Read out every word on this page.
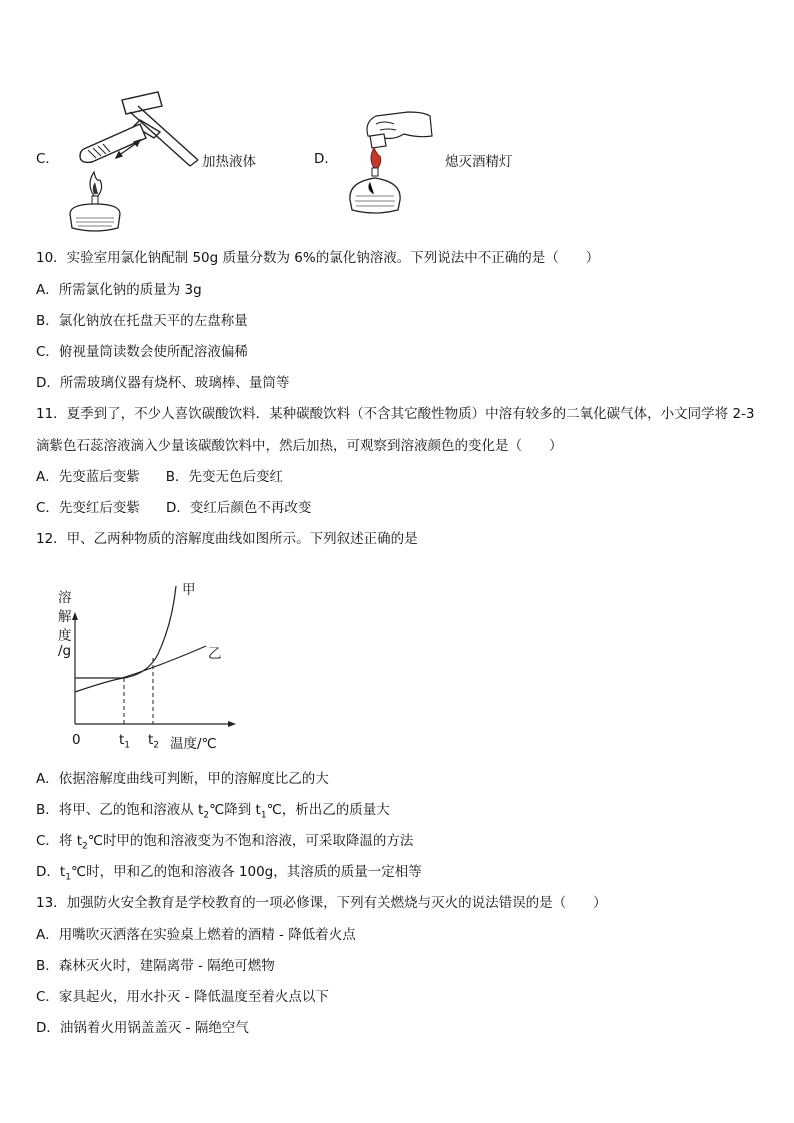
C．	加热液体	D．	熄灭酒精灯
10．实验室用氯化钠配制 50g 质量分数为 6%的氯化钠溶液。下列说法中不正确的是（　　）
A．所需氯化钠的质量为 3g
B．氯化钠放在托盘天平的左盘称量
C．俯视量筒读数会使所配溶液偏稀
D．所需玻璃仪器有烧杯、玻璃棒、量筒等
11．夏季到了，不少人喜饮碳酸饮料．某种碳酸饮料（不含其它酸性物质）中溶有较多的二氧化碳气体，小文同学将 2-3
滴紫色石蕊溶液滴入少量该碳酸饮料中，然后加热，可观察到溶液颜色的变化是（　　）
A．先变蓝后变紫 B．先变无色后变红
C．先变红后变紫 D．变红后颜色不再改变
12．甲、乙两种物质的溶解度曲线如图所示。下列叙述正确的是
溶
解
度
/g
甲
乙
0	$t_1$ $t_2$ 温度/℃
A．依据溶解度曲线可判断，甲的溶解度比乙的大
B．将甲、乙的饱和溶液从 $t_2℃$降到 $t_1℃$，析出乙的质量大
C．将 $t_2℃$时甲的饱和溶液变为不饱和溶液，可采取降温的方法
D．$t_1℃$时，甲和乙的饱和溶液各 100g，其溶质的质量一定相等
13．加强防火安全教育是学校教育的一项必修课，下列有关燃烧与灭火的说法错误的是（　　）
A．用嘴吹灭洒落在实验桌上燃着的酒精 - 降低着火点
B．森林灭火时，建隔离带 - 隔绝可燃物
C．家具起火，用水扑灭 - 降低温度至着火点以下
D．油锅着火用锅盖盖灭 - 隔绝空气
